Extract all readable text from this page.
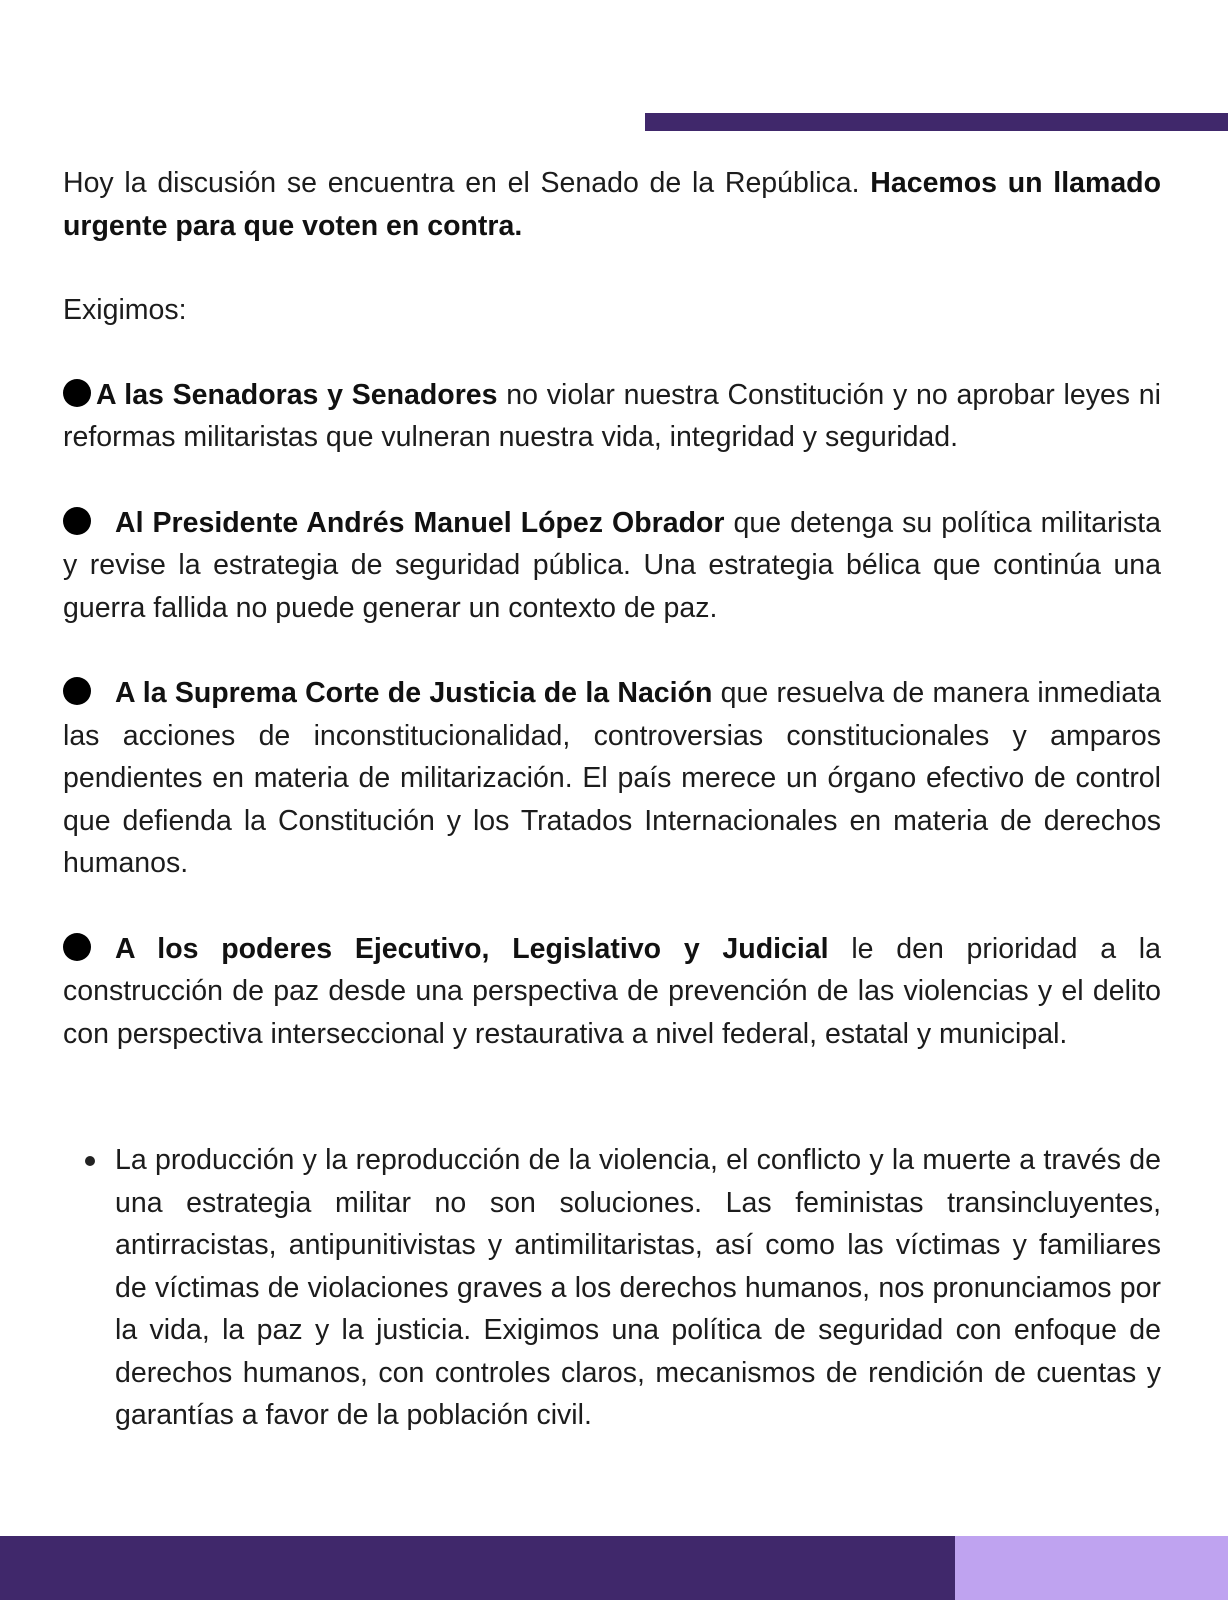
Hoy la discusión se encuentra en el Senado de la República. Hacemos un llamado urgente para que voten en contra.

Exigimos:

A las Senadoras y Senadores no violar nuestra Constitución y no aprobar leyes ni reformas militaristas que vulneran nuestra vida, integridad y seguridad.

Al Presidente Andrés Manuel López Obrador que detenga su política militarista y revise la estrategia de seguridad pública. Una estrategia bélica que continúa una guerra fallida no puede generar un contexto de paz.

A la Suprema Corte de Justicia de la Nación que resuelva de manera inmediata las acciones de inconstitucionalidad, controversias constitucionales y amparos pendientes en materia de militarización. El país merece un órgano efectivo de control que defienda la Constitución y los Tratados Internacionales en materia de derechos humanos.

A los poderes Ejecutivo, Legislativo y Judicial le den prioridad a la construcción de paz desde una perspectiva de prevención de las violencias y el delito con perspectiva interseccional y restaurativa a nivel federal, estatal y municipal.

La producción y la reproducción de la violencia, el conflicto y la muerte a través de una estrategia militar no son soluciones. Las feministas transincluyentes, antirracistas, antipunitivistas y antimilitaristas, así como las víctimas y familiares de víctimas de violaciones graves a los derechos humanos, nos pronunciamos por la vida, la paz y la justicia. Exigimos una política de seguridad con enfoque de derechos humanos, con controles claros, mecanismos de rendición de cuentas y garantías a favor de la población civil.
